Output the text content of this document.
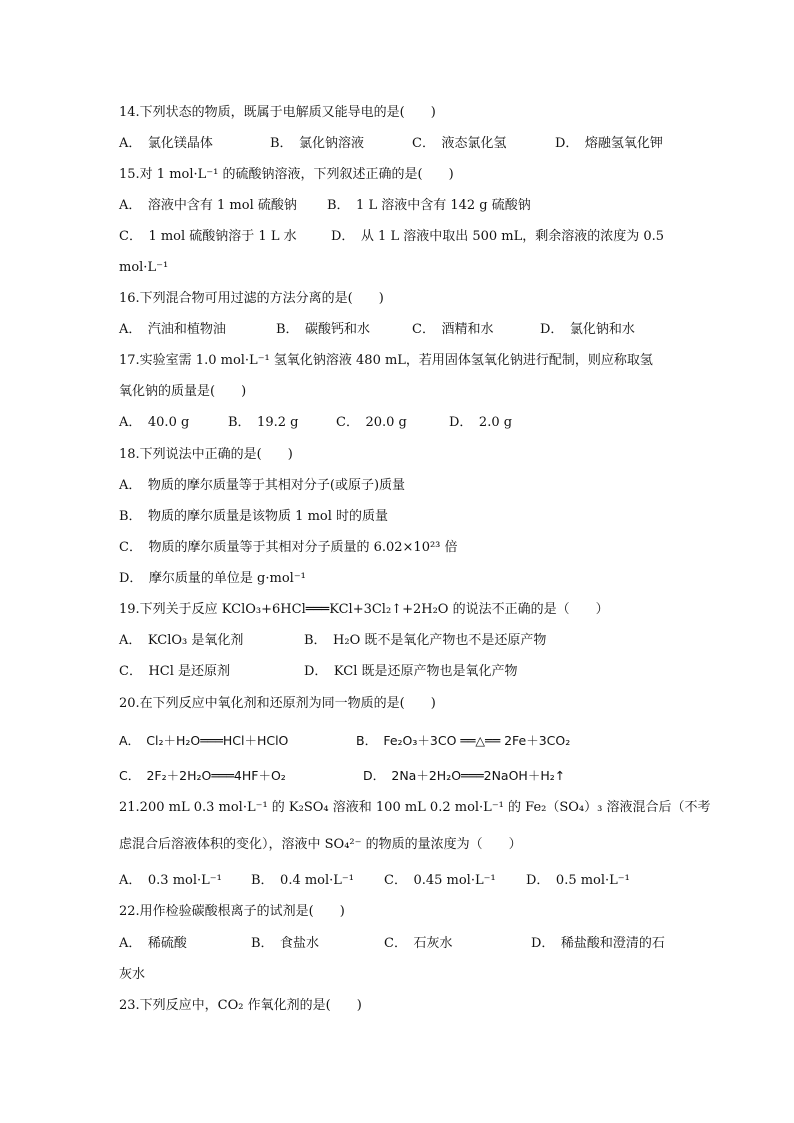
14.下列状态的物质，既属于电解质又能导电的是(　　)
A．　氯化镁晶体	B．　氯化钠溶液	C．　液态氯化氢	D．　熔融氢氧化钾
15.对 1 mol·L⁻¹ 的硫酸钠溶液，下列叙述正确的是(　　)
A．　溶液中含有 1 mol 硫酸钠 B．　1 L 溶液中含有 142 g 硫酸钠
C．　1 mol 硫酸钠溶于 1 L 水	D．　从 1 L 溶液中取出 500 mL，剩余溶液的浓度为 0.5
mol·L⁻¹
16.下列混合物可用过滤的方法分离的是(　　)
A．　汽油和植物油	B．　碳酸钙和水	C．　酒精和水	D．　氯化钠和水
17.实验室需 1.0 mol·L⁻¹ 氢氧化钠溶液 480 mL，若用固体氢氧化钠进行配制，则应称取氢
氧化钠的质量是(　　)
A．　40.0 g	B．　19.2 g	C．　20.0 g	D．　2.0 g
18.下列说法中正确的是(　　)
A．　物质的摩尔质量等于其相对分子(或原子)质量
B．　物质的摩尔质量是该物质 1 mol 时的质量
C．　物质的摩尔质量等于其相对分子质量的 6.02×10²³ 倍
D．　摩尔质量的单位是 g·mol⁻¹
19.下列关于反应 KClO₃+6HCl═══KCl+3Cl₂↑+2H₂O 的说法不正确的是（　　）
A．　KClO₃ 是氧化剂	B．　H₂O 既不是氧化产物也不是还原产物
C．　HCl 是还原剂	D．　KCl 既是还原产物也是氧化产物
20.在下列反应中氧化剂和还原剂为同一物质的是(　　)
A．　Cl₂＋H₂O═══HCl＋HClO	B．　Fe₂O₃＋3CO ══△══ 2Fe＋3CO₂
C．　2F₂＋2H₂O═══4HF＋O₂	D．　2Na＋2H₂O═══2NaOH＋H₂↑
21.200 mL 0.3 mol·L⁻¹ 的 K₂SO₄ 溶液和 100 mL 0.2 mol·L⁻¹ 的 Fe₂（SO₄）₃ 溶液混合后（不考
虑混合后溶液体积的变化），溶液中 SO₄²⁻ 的物质的量浓度为（　　）
A．　0.3 mol·L⁻¹ B．　0.4 mol·L⁻¹ C．　0.45 mol·L⁻¹ D．　0.5 mol·L⁻¹
22.用作检验碳酸根离子的试剂是(　　)
A．　稀硫酸	B．　食盐水	C．　石灰水	D．　稀盐酸和澄清的石
灰水
23.下列反应中，CO₂ 作氧化剂的是(　　)
